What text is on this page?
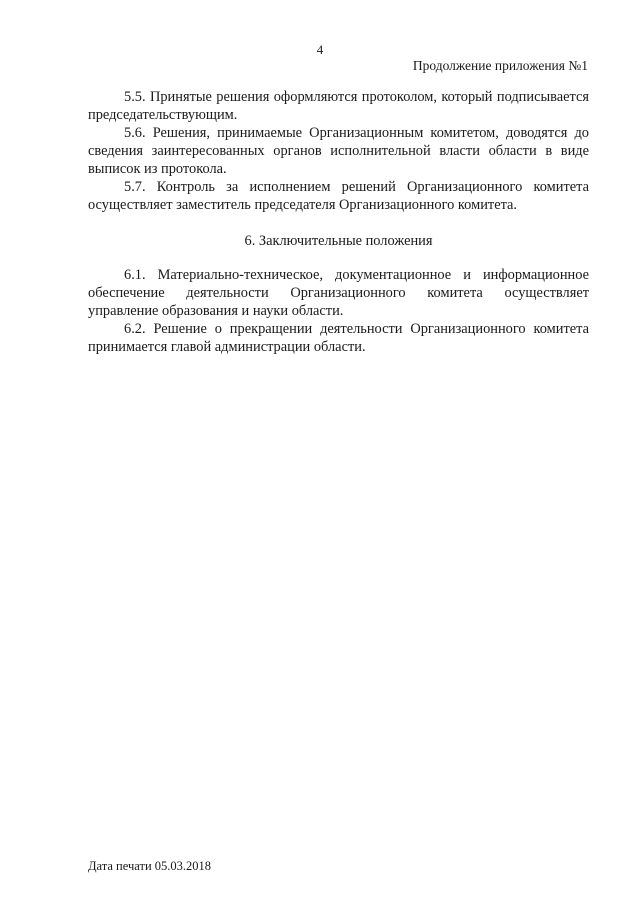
4
Продолжение приложения №1

5.5. Принятые решения оформляются протоколом, который подписывается председательствующим.

5.6. Решения, принимаемые Организационным комитетом, доводятся до сведения заинтересованных органов исполнительной власти области в виде выписок из протокола.

5.7. Контроль за исполнением решений Организационного комитета осуществляет заместитель председателя Организационного комитета.

6. Заключительные положения

6.1. Материально-техническое, документационное и информационное обеспечение деятельности Организационного комитета осуществляет управление образования и науки области.

6.2. Решение о прекращении деятельности Организационного комитета принимается главой администрации области.

Дата печати 05.03.2018
